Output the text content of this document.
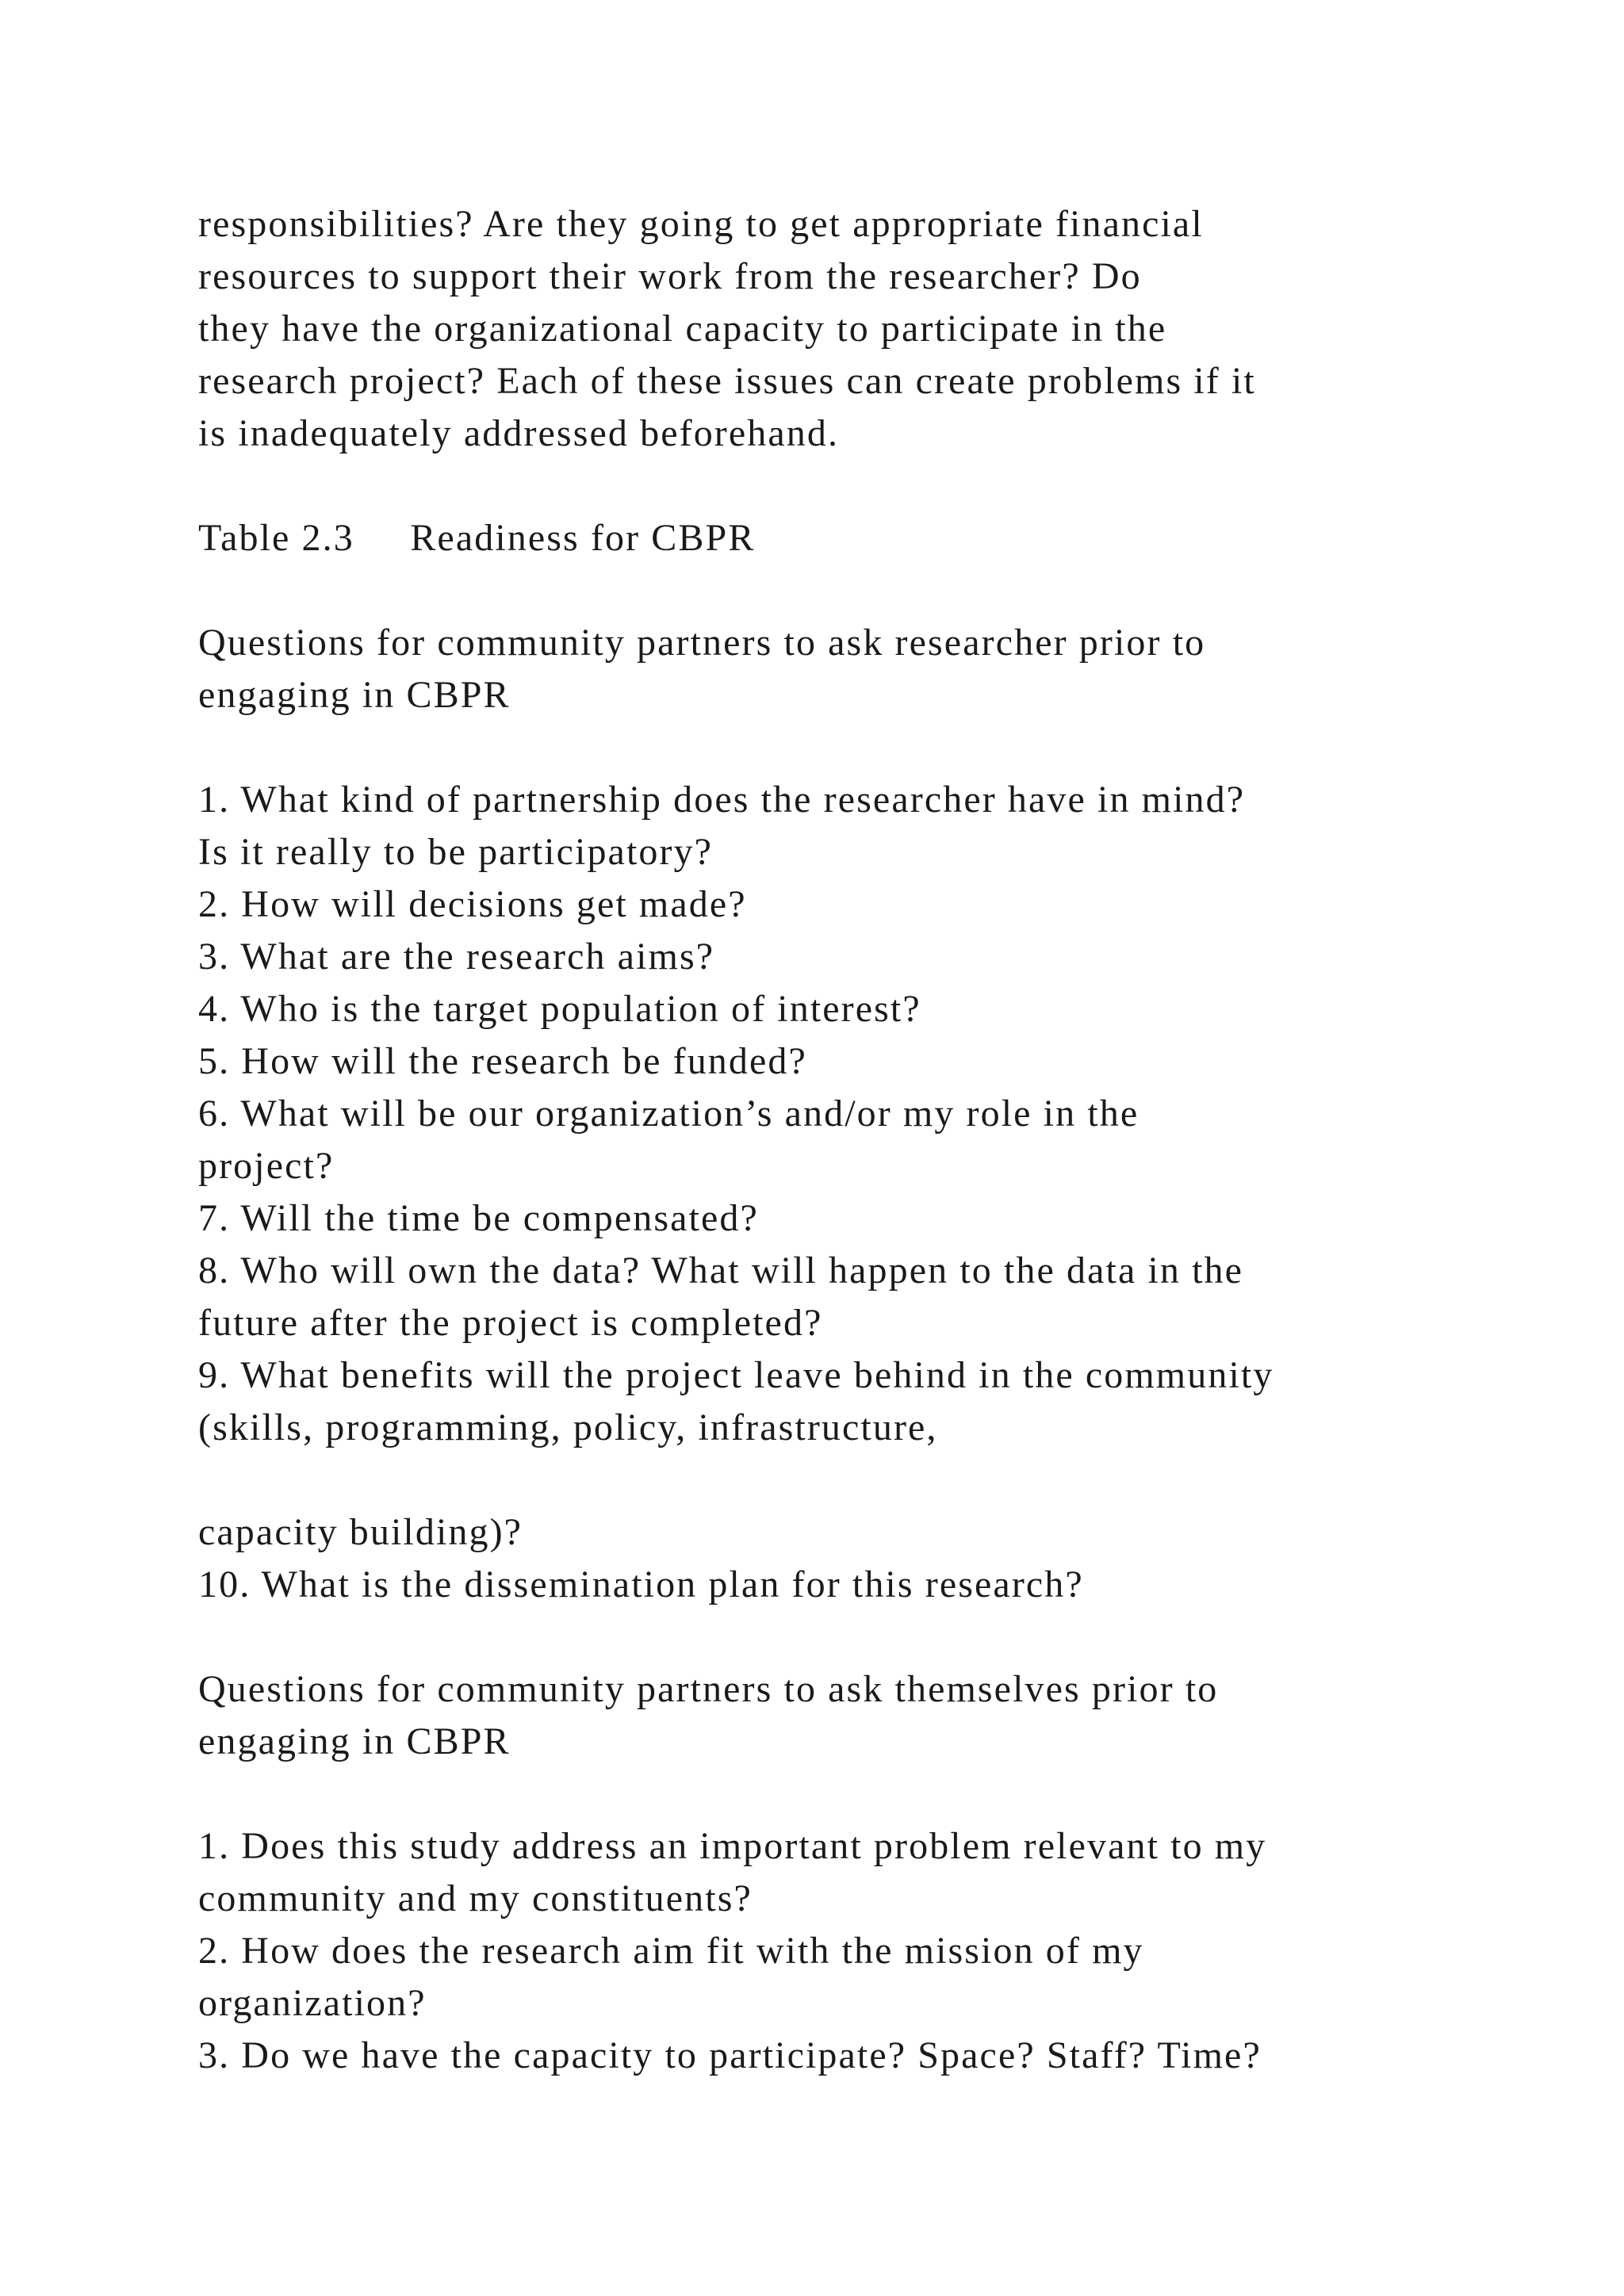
responsibilities? Are they going to get appropriate financial

resources to support their work from the researcher? Do

they have the organizational capacity to participate in the

research project? Each of these issues can create problems if it

is inadequately addressed beforehand.

Table 2.3     Readiness for CBPR

Questions for community partners to ask researcher prior to

engaging in CBPR

1. What kind of partnership does the researcher have in mind?

Is it really to be participatory?

2. How will decisions get made?

3. What are the research aims?

4. Who is the target population of interest?

5. How will the research be funded?

6. What will be our organization’s and/or my role in the

project?

7. Will the time be compensated?

8. Who will own the data? What will happen to the data in the

future after the project is completed?

9. What benefits will the project leave behind in the community

(skills, programming, policy, infrastructure,

capacity building)?

10. What is the dissemination plan for this research?

Questions for community partners to ask themselves prior to

engaging in CBPR

1. Does this study address an important problem relevant to my

community and my constituents?

2. How does the research aim fit with the mission of my

organization?

3. Do we have the capacity to participate? Space? Staff? Time?
